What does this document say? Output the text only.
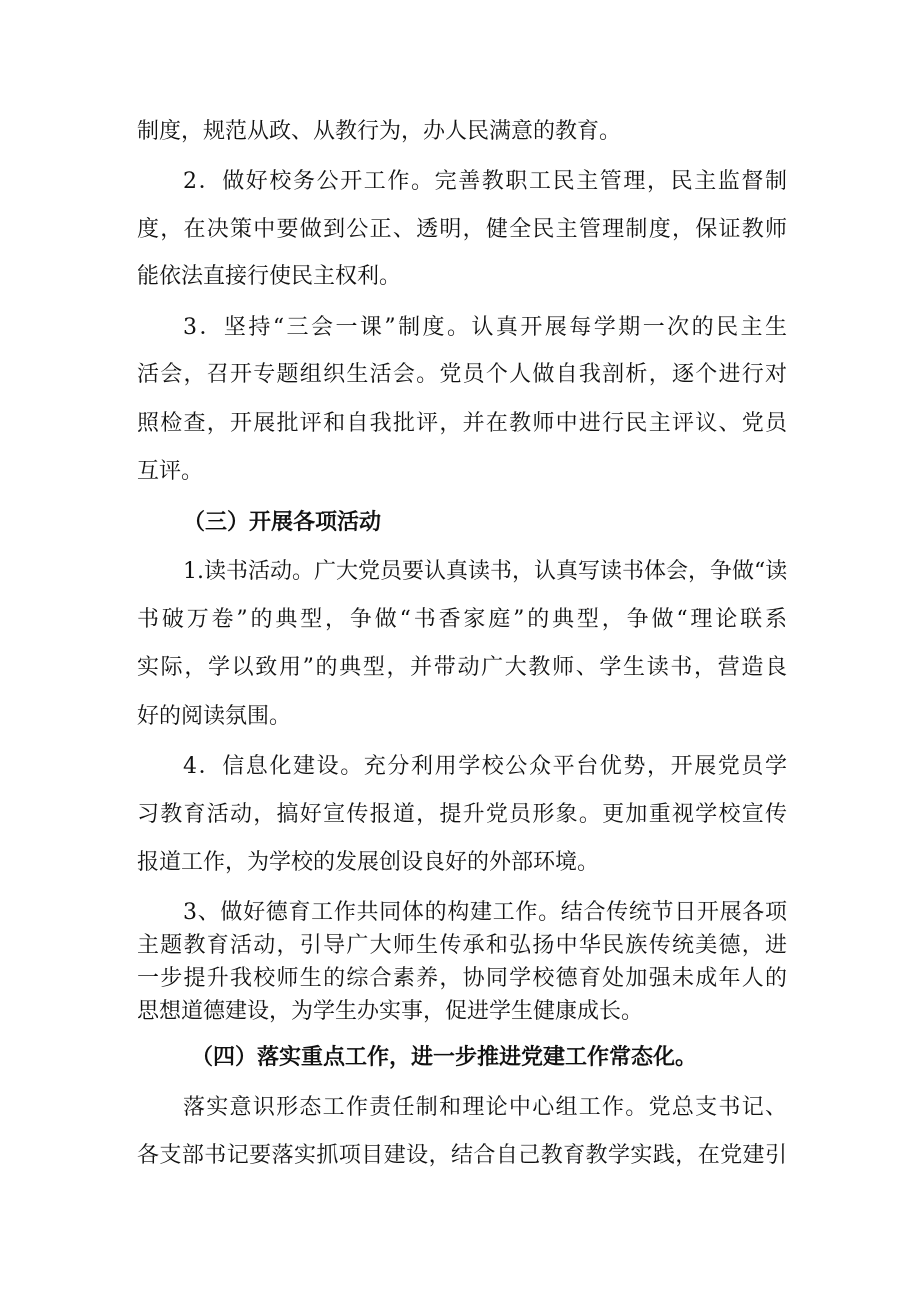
制度，规范从政、从教行为，办人民满意的教育。
2．做好校务公开工作。完善教职工民主管理，民主监督制
度，在决策中要做到公正、透明，健全民主管理制度，保证教师
能依法直接行使民主权利。
3．坚持“三会一课”制度。认真开展每学期一次的民主生
活会，召开专题组织生活会。党员个人做自我剖析，逐个进行对
照检查，开展批评和自我批评，并在教师中进行民主评议、党员
互评。
（三）开展各项活动
1.读书活动。广大党员要认真读书，认真写读书体会，争做“读
书破万卷”的典型，争做“书香家庭”的典型，争做“理论联系
实际，学以致用”的典型，并带动广大教师、学生读书，营造良
好的阅读氛围。
4．信息化建设。充分利用学校公众平台优势，开展党员学
习教育活动，搞好宣传报道，提升党员形象。更加重视学校宣传
报道工作，为学校的发展创设良好的外部环境。
3、做好德育工作共同体的构建工作。结合传统节日开展各项
主题教育活动，引导广大师生传承和弘扬中华民族传统美德，进
一步提升我校师生的综合素养，协同学校德育处加强未成年人的
思想道德建设，为学生办实事，促进学生健康成长。
（四）落实重点工作，进一步推进党建工作常态化。
落实意识形态工作责任制和理论中心组工作。党总支书记、
各支部书记要落实抓项目建设，结合自己教育教学实践，在党建引
